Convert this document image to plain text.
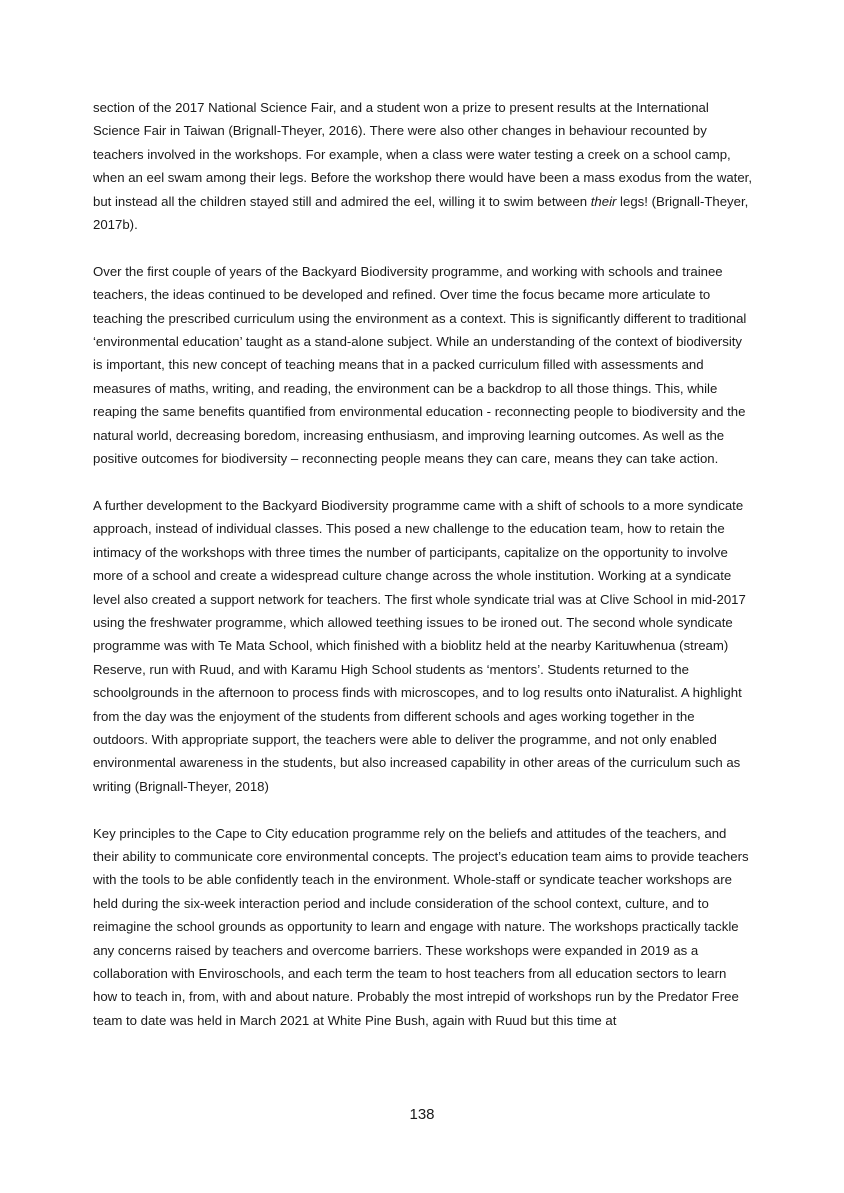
section of the 2017 National Science Fair, and a student won a prize to present results at the International Science Fair in Taiwan (Brignall-Theyer, 2016). There were also other changes in behaviour recounted by teachers involved in the workshops. For example, when a class were water testing a creek on a school camp, when an eel swam among their legs. Before the workshop there would have been a mass exodus from the water, but instead all the children stayed still and admired the eel, willing it to swim between their legs! (Brignall-Theyer, 2017b).

Over the first couple of years of the Backyard Biodiversity programme, and working with schools and trainee teachers, the ideas continued to be developed and refined. Over time the focus became more articulate to teaching the prescribed curriculum using the environment as a context. This is significantly different to traditional ‘environmental education’ taught as a stand-alone subject. While an understanding of the context of biodiversity is important, this new concept of teaching means that in a packed curriculum filled with assessments and measures of maths, writing, and reading, the environment can be a backdrop to all those things. This, while reaping the same benefits quantified from environmental education - reconnecting people to biodiversity and the natural world, decreasing boredom, increasing enthusiasm, and improving learning outcomes. As well as the positive outcomes for biodiversity – reconnecting people means they can care, means they can take action.

A further development to the Backyard Biodiversity programme came with a shift of schools to a more syndicate approach, instead of individual classes. This posed a new challenge to the education team, how to retain the intimacy of the workshops with three times the number of participants, capitalize on the opportunity to involve more of a school and create a widespread culture change across the whole institution. Working at a syndicate level also created a support network for teachers. The first whole syndicate trial was at Clive School in mid-2017 using the freshwater programme, which allowed teething issues to be ironed out. The second whole syndicate programme was with Te Mata School, which finished with a bioblitz held at the nearby Karituwhenua (stream) Reserve, run with Ruud, and with Karamu High School students as ‘mentors’. Students returned to the schoolgrounds in the afternoon to process finds with microscopes, and to log results onto iNaturalist. A highlight from the day was the enjoyment of the students from different schools and ages working together in the outdoors. With appropriate support, the teachers were able to deliver the programme, and not only enabled environmental awareness in the students, but also increased capability in other areas of the curriculum such as writing (Brignall-Theyer, 2018)

Key principles to the Cape to City education programme rely on the beliefs and attitudes of the teachers, and their ability to communicate core environmental concepts. The project’s education team aims to provide teachers with the tools to be able confidently teach in the environment. Whole-staff or syndicate teacher workshops are held during the six-week interaction period and include consideration of the school context, culture, and to reimagine the school grounds as opportunity to learn and engage with nature. The workshops practically tackle any concerns raised by teachers and overcome barriers. These workshops were expanded in 2019 as a collaboration with Enviroschools, and each term the team to host teachers from all education sectors to learn how to teach in, from, with and about nature. Probably the most intrepid of workshops run by the Predator Free team to date was held in March 2021 at White Pine Bush, again with Ruud but this time at

138
